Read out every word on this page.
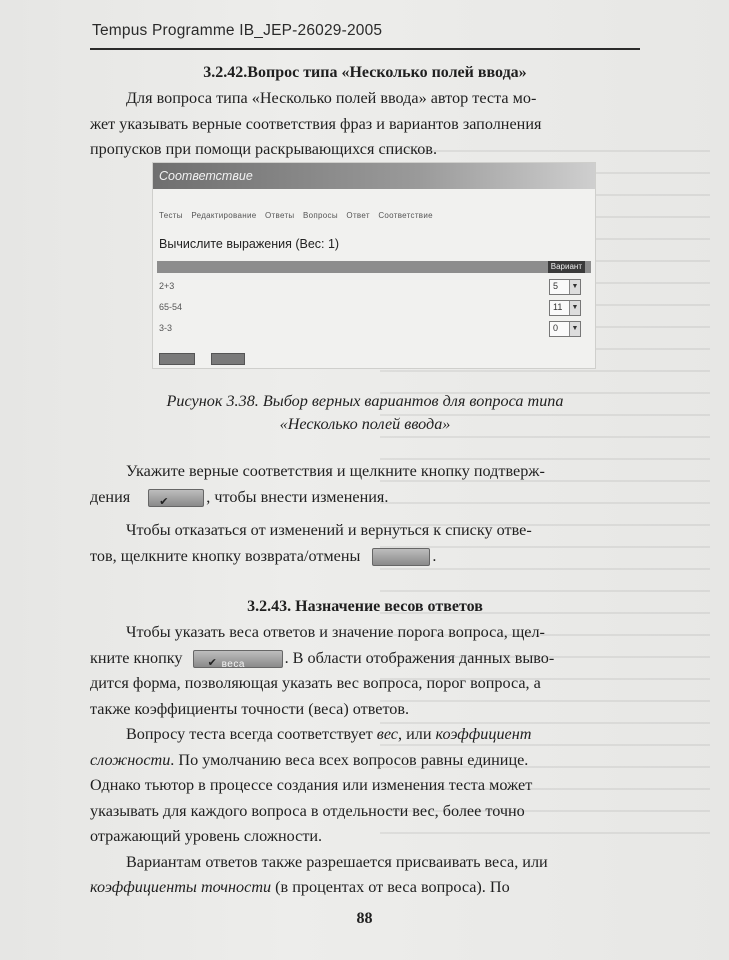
Tempus Programme IB_JEP-26029-2005
3.2.42.Вопрос типа «Несколько полей ввода»
Для вопроса типа «Несколько полей ввода» автор теста мо-
жет указывать верные соответствия фраз и вариантов заполнения
пропусков при помощи раскрывающихся списков.
Соответствие
Тесты Редактирование Ответы Вопросы Ответ Соответствие
Вычислите выражения (Вес: 1)
Вариант
2+3	5	▼
65-54	11	▼
3-3	0	▼
Рисунок 3.38. Выбор верных вариантов для вопроса типа
«Несколько полей ввода»
Укажите верные соответствия и щелкните кнопку подтверж-
дения	✔ , чтобы внести изменения.
Чтобы отказаться от изменений и вернуться к списку отве-
тов, щелкните кнопку возврата/отмены	.
3.2.43. Назначение весов ответов
Чтобы указать веса ответов и значение порога вопроса, щел-
кните кнопку ✔ веса . В области отображения данных выво-
дится форма, позволяющая указать вес вопроса, порог вопроса, а
также коэффициенты точности (веса) ответов.
Вопросу теста всегда соответствует вес, или коэффициент
сложности. По умолчанию веса всех вопросов равны единице.
Однако тьютор в процессе создания или изменения теста может
указывать для каждого вопроса в отдельности вес, более точно
отражающий уровень сложности.
Вариантам ответов также разрешается присваивать веса, или
коэффициенты точности (в процентах от веса вопроса). По
88
